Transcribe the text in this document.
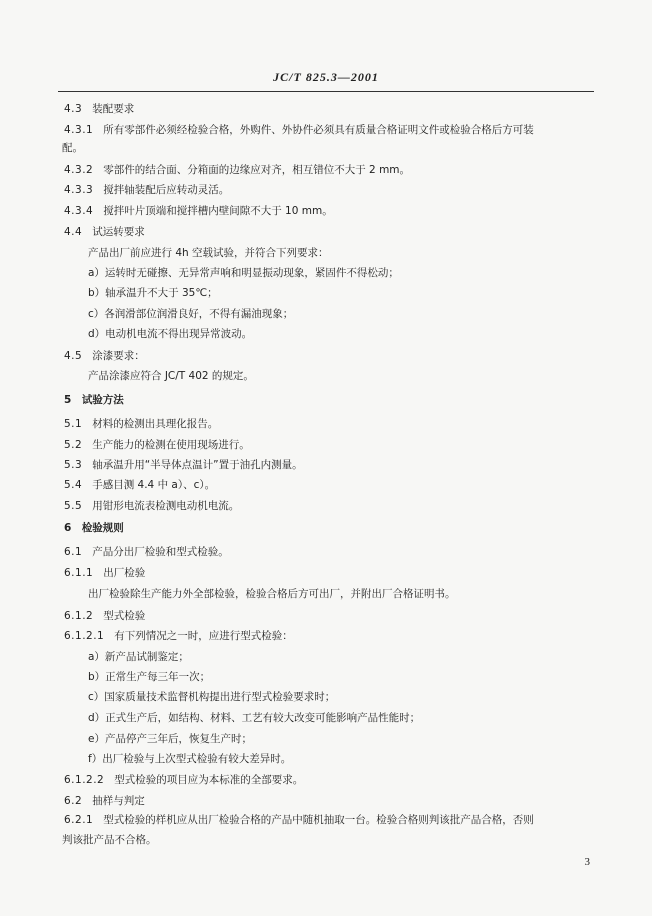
JC/T 825.3—2001
4.3 装配要求
4.3.1 所有零部件必须经检验合格，外购件、外协件必须具有质量合格证明文件或检验合格后方可装
配。
4.3.2 零部件的结合面、分箱面的边缘应对齐，相互错位不大于 2 mm。
4.3.3 搅拌轴装配后应转动灵活。
4.3.4 搅拌叶片顶端和搅拌槽内壁间隙不大于 10 mm。
4.4 试运转要求
产品出厂前应进行 4h 空载试验，并符合下列要求：
a）运转时无碰擦、无异常声响和明显振动现象，紧固件不得松动；
b）轴承温升不大于 35℃；
c）各润滑部位润滑良好，不得有漏油现象；
d）电动机电流不得出现异常波动。
4.5 涂漆要求：
产品涂漆应符合 JC/T 402 的规定。
5 试验方法
5.1 材料的检测出具理化报告。
5.2 生产能力的检测在使用现场进行。
5.3 轴承温升用“半导体点温计”置于油孔内测量。
5.4 手感目测 4.4 中 a）、c）。
5.5 用钳形电流表检测电动机电流。
6 检验规则
6.1 产品分出厂检验和型式检验。
6.1.1 出厂检验
出厂检验除生产能力外全部检验，检验合格后方可出厂，并附出厂合格证明书。
6.1.2 型式检验
6.1.2.1 有下列情况之一时，应进行型式检验：
a）新产品试制鉴定；
b）正常生产每三年一次；
c）国家质量技术监督机构提出进行型式检验要求时；
d）正式生产后，如结构、材料、工艺有较大改变可能影响产品性能时；
e）产品停产三年后，恢复生产时；
f）出厂检验与上次型式检验有较大差异时。
6.1.2.2 型式检验的项目应为本标准的全部要求。
6.2 抽样与判定
6.2.1 型式检验的样机应从出厂检验合格的产品中随机抽取一台。检验合格则判该批产品合格，否则
判该批产品不合格。
3
